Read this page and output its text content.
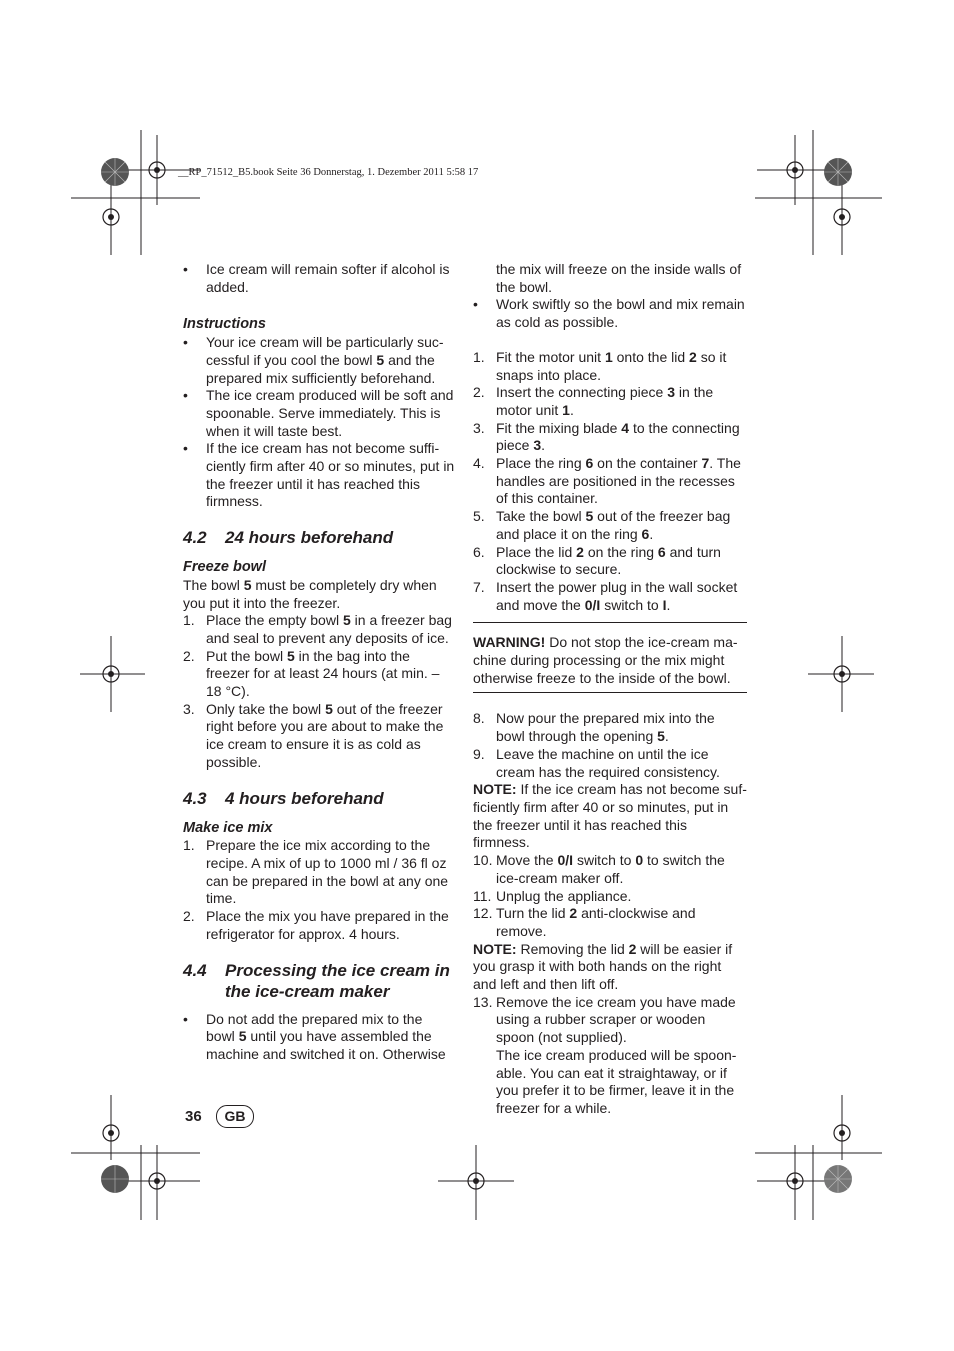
__RP_71512_B5.book Seite 36 Donnerstag, 1. Dezember 2011 5:58 17
• Ice cream will remain softer if alcohol is added.
Instructions
• Your ice cream will be particularly suc-cessful if you cool the bowl 5 and the prepared mix sufficiently beforehand.
• The ice cream produced will be soft and spoonable. Serve immediately. This is when it will taste best.
• If the ice cream has not become suffi-ciently firm after 40 or so minutes, put in the freezer until it has reached this firmness.
4.2 24 hours beforehand
Freeze bowl
The bowl 5 must be completely dry when you put it into the freezer.
1. Place the empty bowl 5 in a freezer bag and seal to prevent any deposits of ice.
2. Put the bowl 5 in the bag into the freezer for at least 24 hours (at min. – 18 °C).
3. Only take the bowl 5 out of the freezer right before you are about to make the ice cream to ensure it is as cold as possible.
4.3 4 hours beforehand
Make ice mix
1. Prepare the ice mix according to the recipe. A mix of up to 1000 ml / 36 fl oz can be prepared in the bowl at any one time.
2. Place the mix you have prepared in the refrigerator for approx. 4 hours.
4.4 Processing the ice cream in the ice-cream maker
• Do not add the prepared mix to the bowl 5 until you have assembled the machine and switched it on. Otherwise
the mix will freeze on the inside walls of the bowl.
• Work swiftly so the bowl and mix remain as cold as possible.
1. Fit the motor unit 1 onto the lid 2 so it snaps into place.
2. Insert the connecting piece 3 in the motor unit 1.
3. Fit the mixing blade 4 to the connecting piece 3.
4. Place the ring 6 on the container 7. The handles are positioned in the recesses of this container.
5. Take the bowl 5 out of the freezer bag and place it on the ring 6.
6. Place the lid 2 on the ring 6 and turn clockwise to secure.
7. Insert the power plug in the wall socket and move the 0/I switch to I.
WARNING! Do not stop the ice-cream ma-chine during processing or the mix might otherwise freeze to the inside of the bowl.
8. Now pour the prepared mix into the bowl through the opening 5.
9. Leave the machine on until the ice cream has the required consistency.
NOTE: If the ice cream has not become suf-ficiently firm after 40 or so minutes, put in the freezer until it has reached this firmness.
10. Move the 0/I switch to 0 to switch the ice-cream maker off.
11. Unplug the appliance.
12. Turn the lid 2 anti-clockwise and remove.
NOTE: Removing the lid 2 will be easier if you grasp it with both hands on the right and left and then lift off.
13. Remove the ice cream you have made using a rubber scraper or wooden spoon (not supplied).
The ice cream produced will be spoon-able. You can eat it straightaway, or if you prefer it to be firmer, leave it in the freezer for a while.
36	GB
